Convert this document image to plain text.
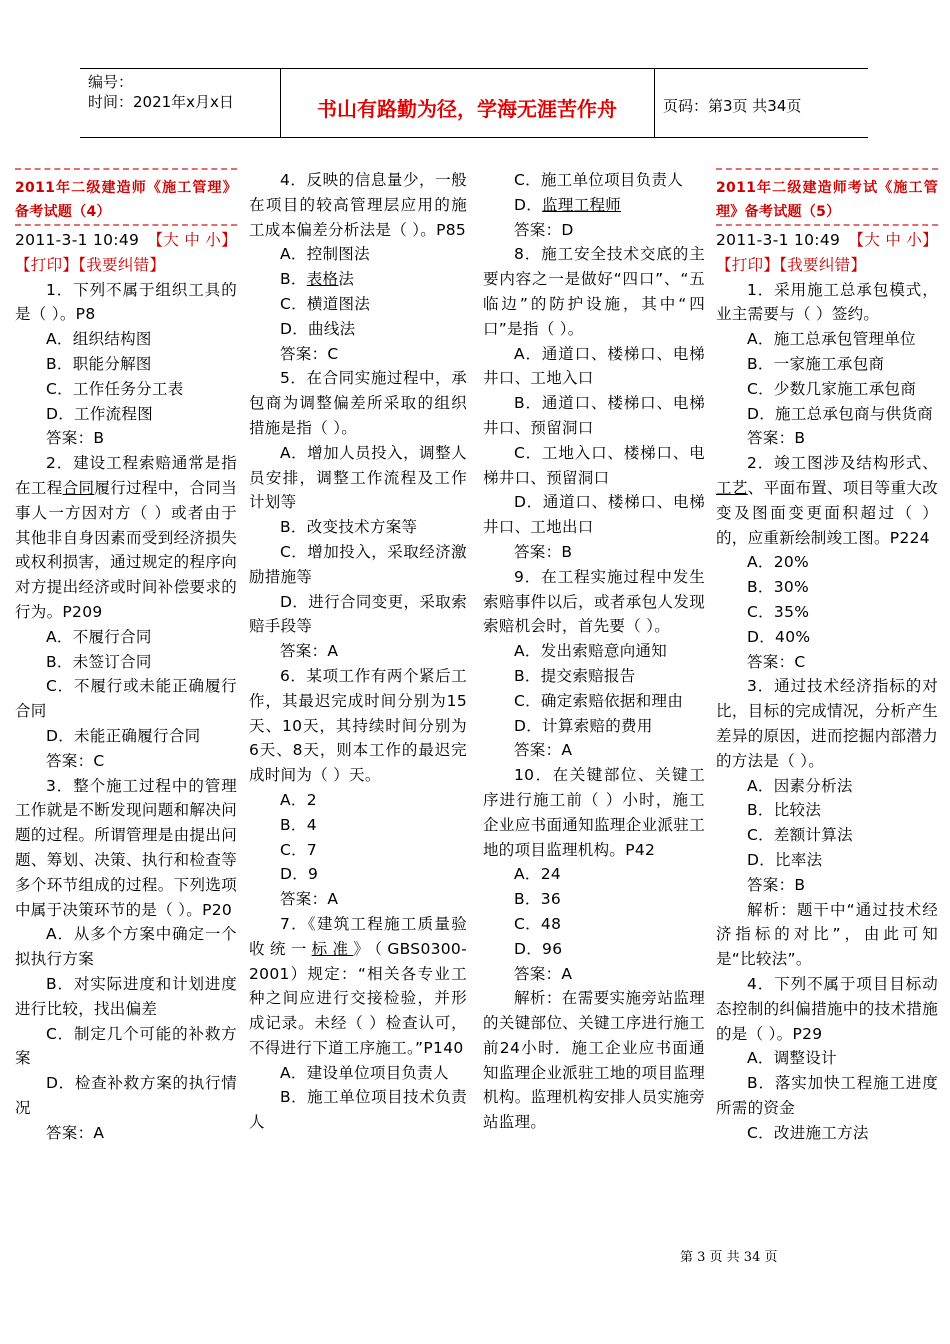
编号：
时间：2021年x月x日	书山有路勤为径，学海无涯苦作舟	页码：第3页 共34页

2011年二级建造师《施工管理》备考试题（4）

2011-3-1 10:49 【大 中 小】

【打印】【我要纠错】

1．下列不属于组织工具的是（ ）。P8

A．组织结构图

B．职能分解图

C．工作任务分工表

D．工作流程图

答案：B

2．建设工程索赔通常是指在工程合同履行过程中，合同当事人一方因对方（ ）或者由于其他非自身因素而受到经济损失或权利损害，通过规定的程序向对方提出经济或时间补偿要求的行为。P209

A．不履行合同

B．未签订合同

C．不履行或未能正确履行合同

D．未能正确履行合同

答案：C

3．整个施工过程中的管理工作就是不断发现问题和解决问题的过程。所谓管理是由提出问题、筹划、决策、执行和检查等多个环节组成的过程。下列选项中属于决策环节的是（ ）。P20

A．从多个方案中确定一个拟执行方案

B．对实际进度和计划进度进行比较，找出偏差

C．制定几个可能的补救方案

D．检查补救方案的执行情况

答案：A

4．反映的信息量少，一般在项目的较高管理层应用的施工成本偏差分析法是（ ）。P85

A．控制图法

B．表格法

C．横道图法

D．曲线法

答案：C

5．在合同实施过程中，承包商为调整偏差所采取的组织措施是指（ ）。

A．增加人员投入，调整人员安排，调整工作流程及工作计划等

B．改变技术方案等

C．增加投入，采取经济激励措施等

D．进行合同变更，采取索赔手段等

答案：A

6．某项工作有两个紧后工作，其最迟完成时间分别为15天、10天，其持续时间分别为6天、8天，则本工作的最迟完成时间为（ ）天。

A．2

B．4

C．7

D．9

答案：A

7．《建筑工程施工质量验收统一标准》（GBS0300-2001）规定：“相关各专业工种之间应进行交接检验，并形成记录。未经（ ）检查认可，不得进行下道工序施工。”P140

A．建设单位项目负责人

B．施工单位项目技术负责人

C．施工单位项目负责人

D．监理工程师

答案：D

8．施工安全技术交底的主要内容之一是做好“四口”、“五临边”的防护设施，其中“四口”是指（ ）。

A．通道口、楼梯口、电梯井口、工地入口

B．通道口、楼梯口、电梯井口、预留洞口

C．工地入口、楼梯口、电梯井口、预留洞口

D．通道口、楼梯口、电梯井口、工地出口

答案：B

9．在工程实施过程中发生索赔事件以后，或者承包人发现索赔机会时，首先要（ ）。

A．发出索赔意向通知

B．提交索赔报告

C．确定索赔依据和理由

D．计算索赔的费用

答案：A

10．在关键部位、关键工序进行施工前（ ）小时，施工企业应书面通知监理企业派驻工地的项目监理机构。P42

A．24

B．36

C．48

D．96

答案：A

解析：在需要实施旁站监理的关键部位、关键工序进行施工前24小时．施工企业应书面通知监理企业派驻工地的项目监理机构。监理机构安排人员实施旁站监理。

2011年二级建造师考试《施工管理》备考试题（5）

2011-3-1 10:49 【大 中 小】

【打印】【我要纠错】

1．采用施工总承包模式，业主需要与（ ）签约。

A．施工总承包管理单位

B．一家施工承包商

C．少数几家施工承包商

D．施工总承包商与供货商

答案：B

2．竣工图涉及结构形式、工艺、平面布置、项目等重大改变及图面变更面积超过（ ）的，应重新绘制竣工图。P224

A．20%

B．30%

C．35%

D．40%

答案：C

3．通过技术经济指标的对比，目标的完成情况，分析产生差异的原因，进而挖掘内部潜力的方法是（ ）。

A．因素分析法

B．比较法

C．差额计算法

D．比率法

答案：B

解析：题干中“通过技术经济指标的对比”，由此可知是“比较法”。

4．下列不属于项目目标动态控制的纠偏措施中的技术措施的是（ ）。P29

A．调整设计

B．落实加快工程施工进度所需的资金

C．改进施工方法

第 3 页 共 34 页
